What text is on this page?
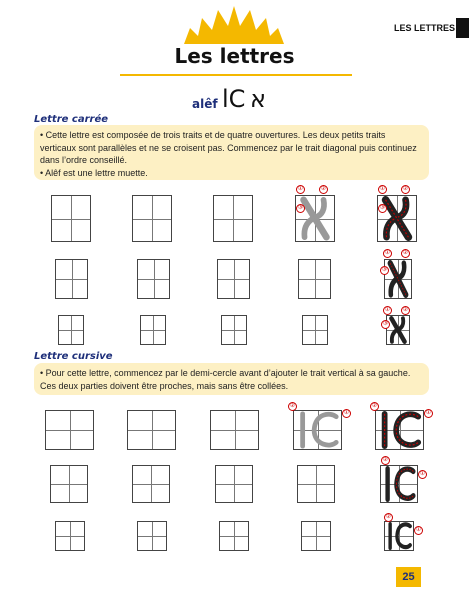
Les lettres
LES LETTRES
alêf lC א
Lettre carrée

• Cette lettre est composée de trois traits et de quatre ouvertures. Les deux petits traits verticaux sont parallèles et ne se croisent pas. Commencez par le trait diagonal puis continuez dans l’ordre conseillé.

• Alêf est une lettre muette.

①	②
③
①	②
③
①	②
③
①	②
③
Lettre cursive

• Pour cette lettre, commencez par le demi-cercle avant d’ajouter le trait vertical à sa gauche. Ces deux parties doivent être proches, mais sans être collées.

②
①
②
①
②
①
②
①
25
